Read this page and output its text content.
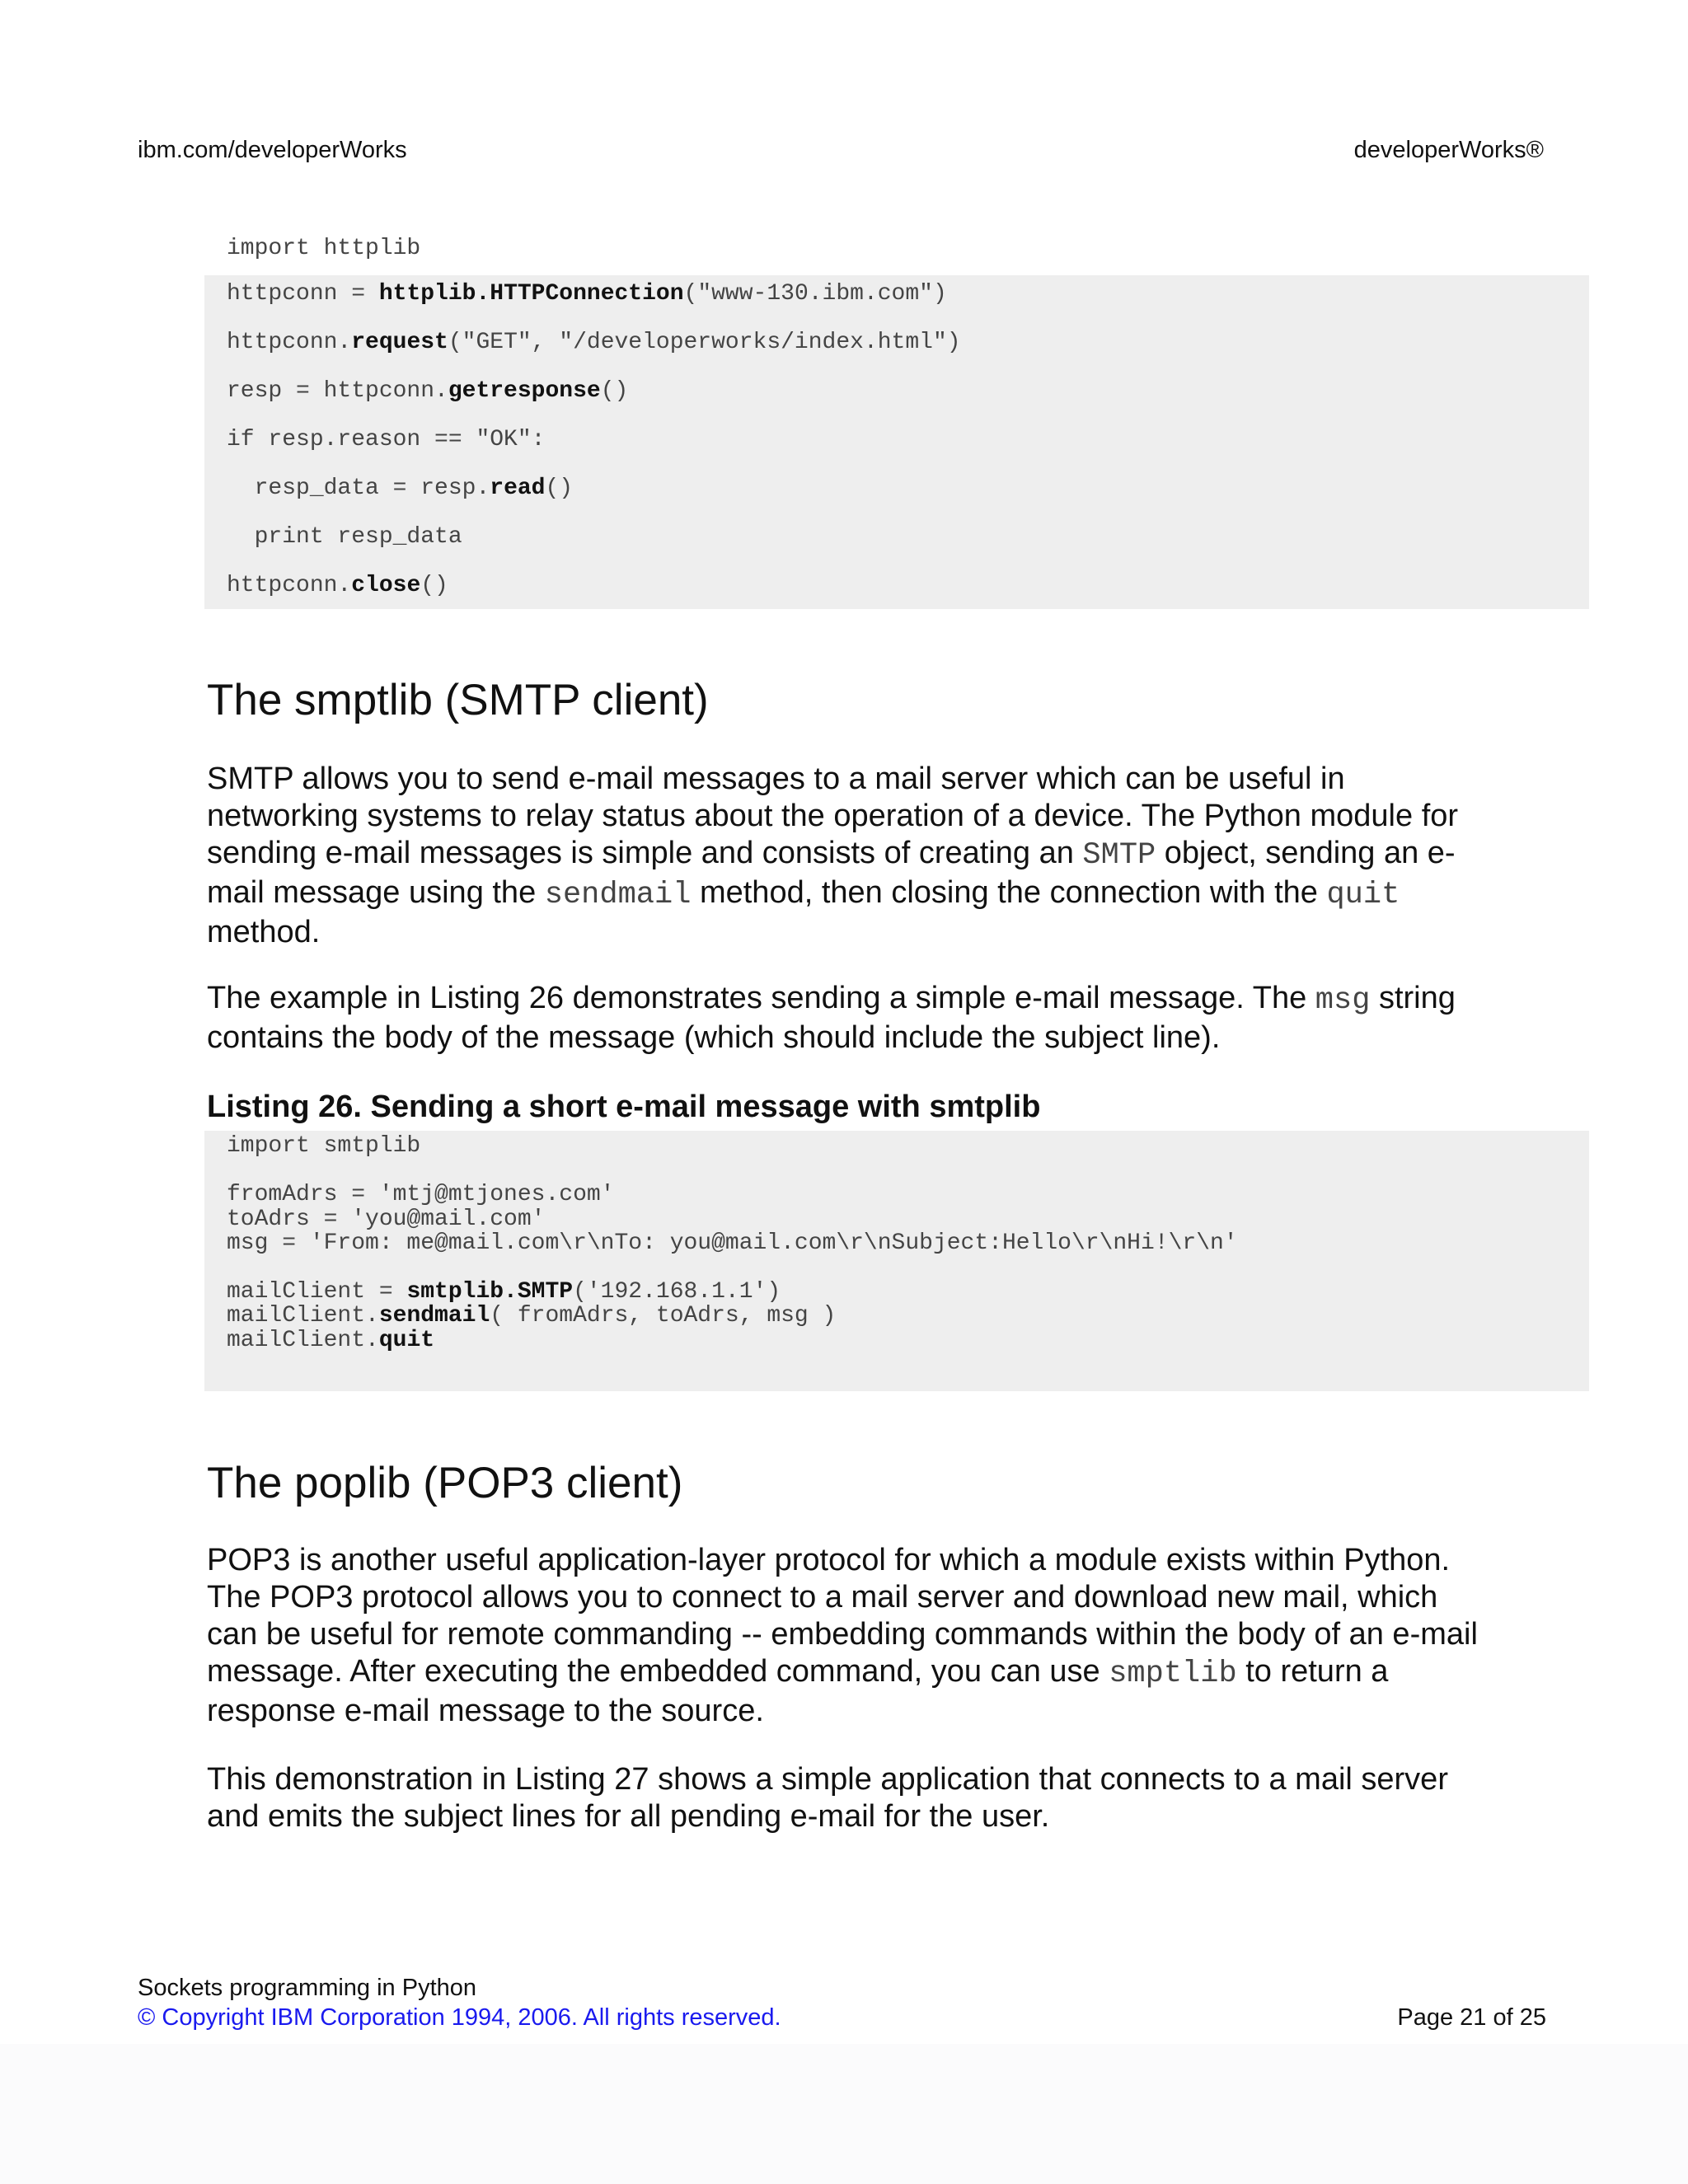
ibm.com/developerWorks	developerWorks®
import httplib

httpconn = httplib.HTTPConnection("www-130.ibm.com")

httpconn.request("GET", "/developerworks/index.html")

resp = httpconn.getresponse()

if resp.reason == "OK":

resp_data = resp.read()

print resp_data

httpconn.close()

The smptlib (SMTP client)

SMTP allows you to send e-mail messages to a mail server which can be useful in networking systems to relay status about the operation of a device. The Python module for sending e-mail messages is simple and consists of creating an SMTP object, sending an e-mail message using the sendmail method, then closing the connection with the quit method.

The example in Listing 26 demonstrates sending a simple e-mail message. The msg string contains the body of the message (which should include the subject line).

Listing 26. Sending a short e-mail message with smtplib

import smtplib

fromAdrs = 'mtj@mtjones.com'

toAdrs = 'you@mail.com'

msg = 'From: me@mail.com\r\nTo: you@mail.com\r\nSubject:Hello\r\nHi!\r\n'

mailClient = smtplib.SMTP('192.168.1.1')

mailClient.sendmail( fromAdrs, toAdrs, msg )

mailClient.quit

The poplib (POP3 client)

POP3 is another useful application-layer protocol for which a module exists within Python. The POP3 protocol allows you to connect to a mail server and download new mail, which can be useful for remote commanding -- embedding commands within the body of an e-mail message. After executing the embedded command, you can use smptlib to return a response e-mail message to the source.

This demonstration in Listing 27 shows a simple application that connects to a mail server and emits the subject lines for all pending e-mail for the user.

Sockets programming in Python
© Copyright IBM Corporation 1994, 2006. All rights reserved.	Page 21 of 25
